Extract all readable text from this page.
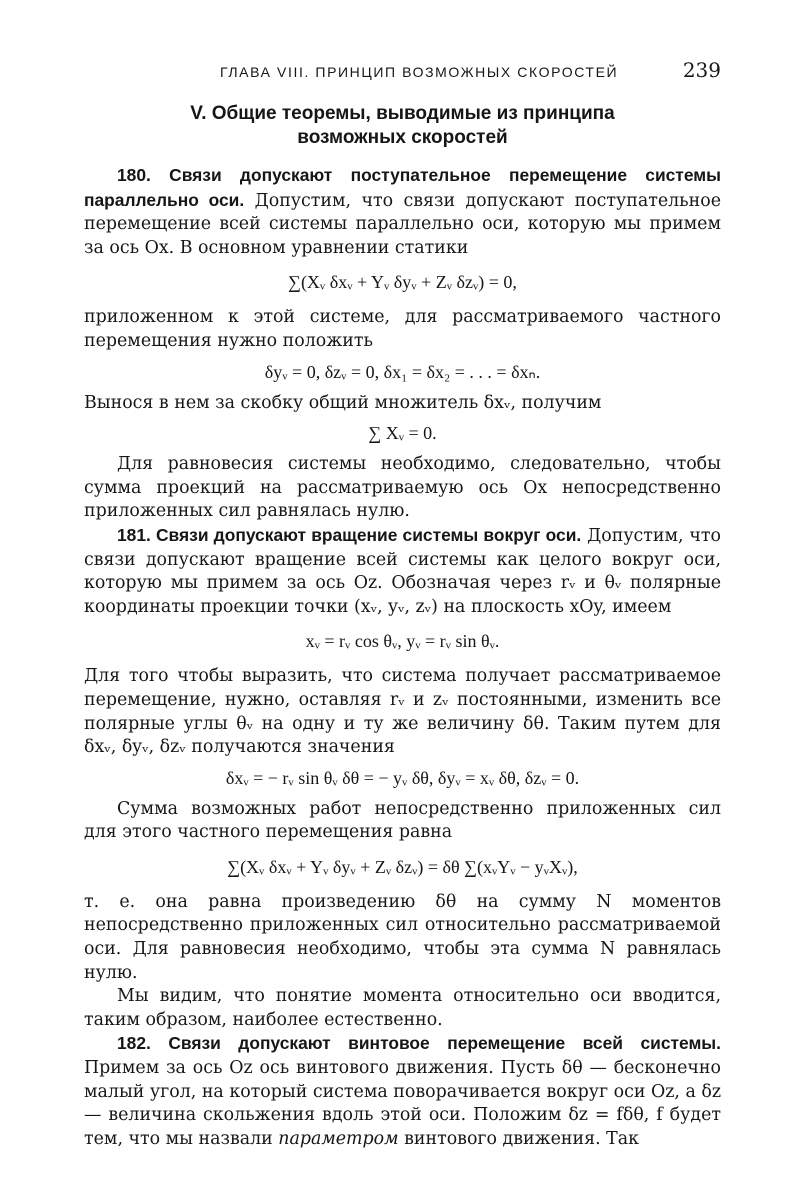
ГЛАВА VIII. ПРИНЦИП ВОЗМОЖНЫХ СКОРОСТЕЙ	239
V. Общие теоремы, выводимые из принципа
возможных скоростей

180. Связи допускают поступательное перемещение системы параллельно оси. Допустим, что связи допускают поступательное перемещение всей системы параллельно оси, которую мы примем за ось Ox. В основном уравнении статики

∑(Xᵥ δxᵥ + Yᵥ δyᵥ + Zᵥ δzᵥ) = 0,

приложенном к этой системе, для рассматриваемого частного перемещения нужно положить

δyᵥ = 0, δzᵥ = 0, δx₁ = δx₂ = . . . = δxₙ.

Вынося в нем за скобку общий множитель δxᵥ, получим

∑ Xᵥ = 0.

Для равновесия системы необходимо, следовательно, чтобы сумма проекций на рассматриваемую ось Ox непосредственно приложенных сил равнялась нулю.

181. Связи допускают вращение системы вокруг оси. Допустим, что связи допускают вращение всей системы как целого вокруг оси, которую мы примем за ось Oz. Обозначая через rᵥ и θᵥ полярные координаты проекции точки (xᵥ, yᵥ, zᵥ) на плоскость xOy, имеем

xᵥ = rᵥ cos θᵥ, yᵥ = rᵥ sin θᵥ.

Для того чтобы выразить, что система получает рассматриваемое перемещение, нужно, оставляя rᵥ и zᵥ постоянными, изменить все полярные углы θᵥ на одну и ту же величину δθ. Таким путем для δxᵥ, δyᵥ, δzᵥ получаются значения

δxᵥ = − rᵥ sin θᵥ δθ = − yᵥ δθ, δyᵥ = xᵥ δθ, δzᵥ = 0.

Сумма возможных работ непосредственно приложенных сил для этого частного перемещения равна

∑(Xᵥ δxᵥ + Yᵥ δyᵥ + Zᵥ δzᵥ) = δθ ∑(xᵥYᵥ − yᵥXᵥ),

т. е. она равна произведению δθ на сумму N моментов непосредственно приложенных сил относительно рассматриваемой оси. Для равновесия необходимо, чтобы эта сумма N равнялась нулю.

Мы видим, что понятие момента относительно оси вводится, таким образом, наиболее естественно.

182. Связи допускают винтовое перемещение всей системы. Примем за ось Oz ось винтового движения. Пусть δθ — бесконечно малый угол, на который система поворачивается вокруг оси Oz, а δz — величина скольжения вдоль этой оси. Положим δz = fδθ, f будет тем, что мы назвали параметром винтового движения. Так
